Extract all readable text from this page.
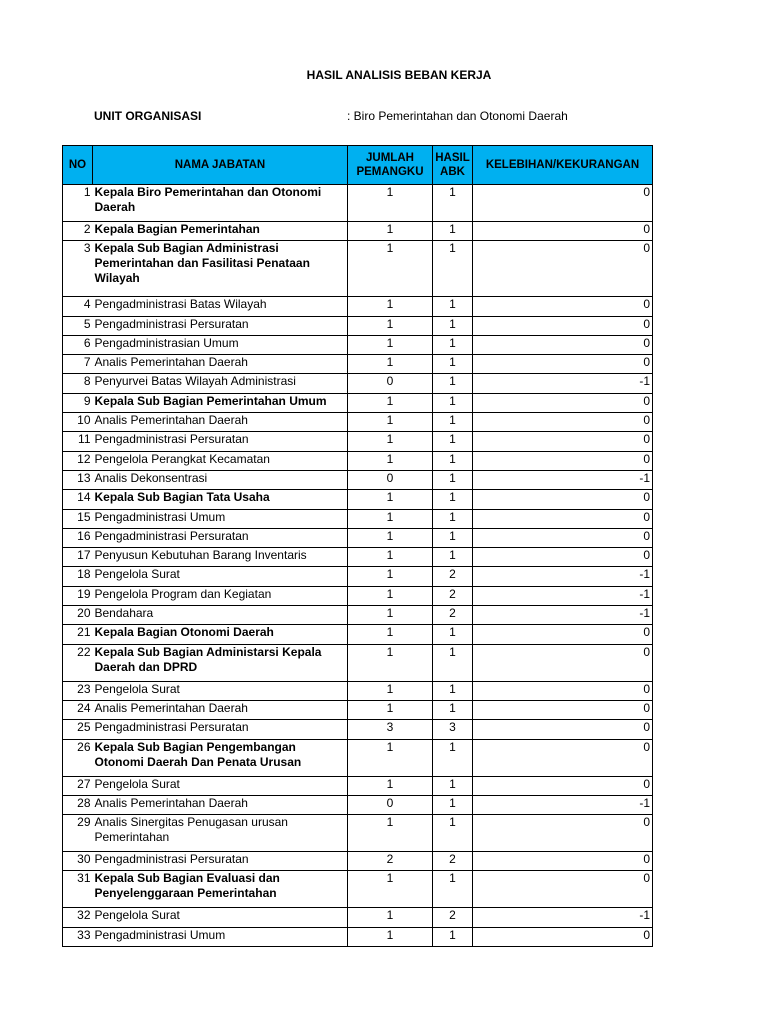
HASIL ANALISIS BEBAN KERJA
UNIT ORGANISASI	: Biro Pemerintahan dan Otonomi Daerah
NO	NAMA JABATAN	JUMLAH PEMANGKU	HASIL ABK	KELEBIHAN/KEKURANGAN
1	Kepala Biro Pemerintahan dan Otonomi Daerah	1	1	0
2	Kepala Bagian Pemerintahan	1	1	0
3	Kepala Sub Bagian Administrasi Pemerintahan dan Fasilitasi Penataan Wilayah	1	1	0
4	Pengadministrasi Batas Wilayah	1	1	0
5	Pengadministrasi Persuratan	1	1	0
6	Pengadministrasian Umum	1	1	0
7	Analis Pemerintahan Daerah	1	1	0
8	Penyurvei Batas Wilayah Administrasi	0	1	-1
9	Kepala Sub Bagian Pemerintahan Umum	1	1	0
10	Analis Pemerintahan Daerah	1	1	0
11	Pengadministrasi Persuratan	1	1	0
12	Pengelola Perangkat Kecamatan	1	1	0
13	Analis Dekonsentrasi	0	1	-1
14	Kepala Sub Bagian Tata Usaha	1	1	0
15	Pengadministrasi Umum	1	1	0
16	Pengadministrasi Persuratan	1	1	0
17	Penyusun Kebutuhan Barang Inventaris	1	1	0
18	Pengelola Surat	1	2	-1
19	Pengelola Program dan Kegiatan	1	2	-1
20	Bendahara	1	2	-1
21	Kepala Bagian Otonomi Daerah	1	1	0
22	Kepala Sub Bagian Administarsi Kepala Daerah dan DPRD	1	1	0
23	Pengelola Surat	1	1	0
24	Analis Pemerintahan Daerah	1	1	0
25	Pengadministrasi Persuratan	3	3	0
26	Kepala Sub Bagian Pengembangan Otonomi Daerah Dan Penata Urusan	1	1	0
27	Pengelola Surat	1	1	0
28	Analis Pemerintahan Daerah	0	1	-1
29	Analis Sinergitas Penugasan urusan Pemerintahan	1	1	0
30	Pengadministrasi Persuratan	2	2	0
31	Kepala Sub Bagian Evaluasi dan Penyelenggaraan Pemerintahan	1	1	0
32	Pengelola Surat	1	2	-1
33	Pengadministrasi Umum	1	1	0
